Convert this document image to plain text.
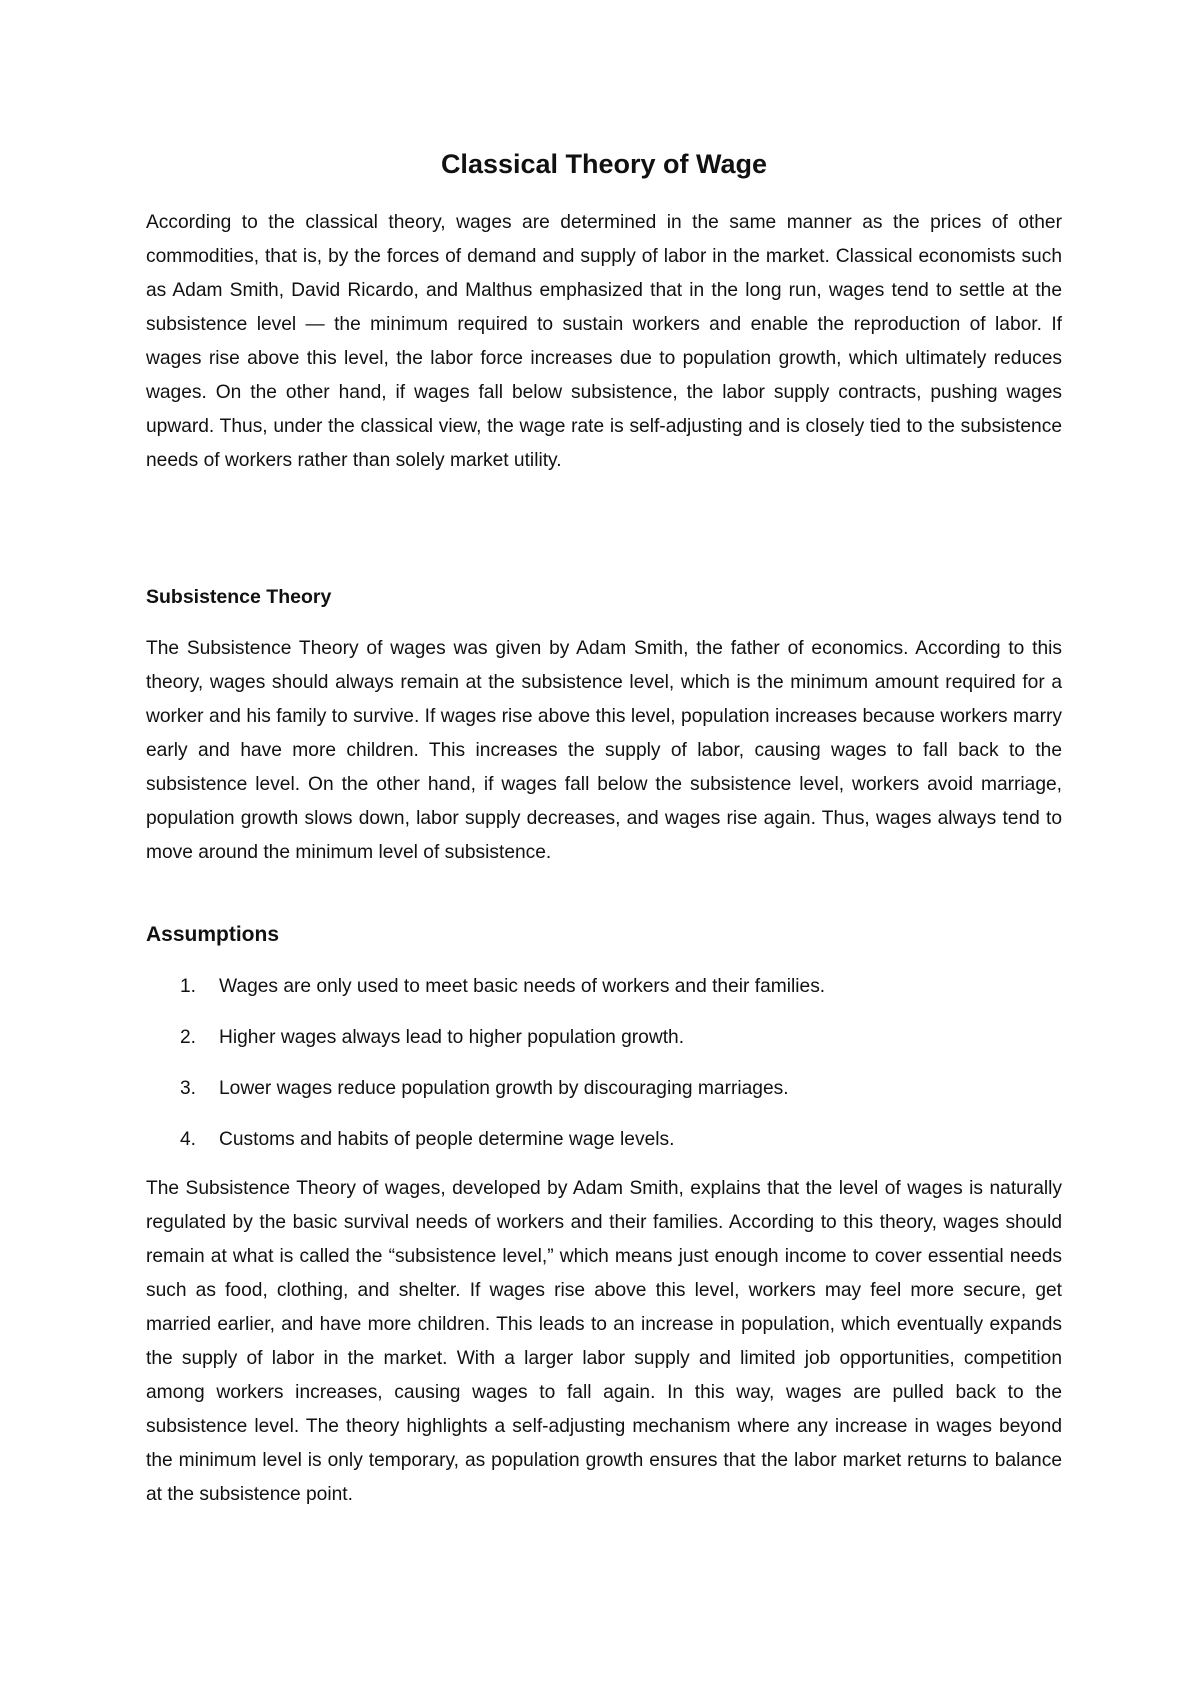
Classical Theory of Wage

According to the classical theory, wages are determined in the same manner as the prices of other commodities, that is, by the forces of demand and supply of labor in the market. Classical economists such as Adam Smith, David Ricardo, and Malthus emphasized that in the long run, wages tend to settle at the subsistence level — the minimum required to sustain workers and enable the reproduction of labor. If wages rise above this level, the labor force increases due to population growth, which ultimately reduces wages. On the other hand, if wages fall below subsistence, the labor supply contracts, pushing wages upward. Thus, under the classical view, the wage rate is self-adjusting and is closely tied to the subsistence needs of workers rather than solely market utility.

Subsistence Theory

The Subsistence Theory of wages was given by Adam Smith, the father of economics. According to this theory, wages should always remain at the subsistence level, which is the minimum amount required for a worker and his family to survive. If wages rise above this level, population increases because workers marry early and have more children. This increases the supply of labor, causing wages to fall back to the subsistence level. On the other hand, if wages fall below the subsistence level, workers avoid marriage, population growth slows down, labor supply decreases, and wages rise again. Thus, wages always tend to move around the minimum level of subsistence.

Assumptions
1.	Wages are only used to meet basic needs of workers and their families.
2.	Higher wages always lead to higher population growth.
3.	Lower wages reduce population growth by discouraging marriages.
4.	Customs and habits of people determine wage levels.

The Subsistence Theory of wages, developed by Adam Smith, explains that the level of wages is naturally regulated by the basic survival needs of workers and their families. According to this theory, wages should remain at what is called the “subsistence level,” which means just enough income to cover essential needs such as food, clothing, and shelter. If wages rise above this level, workers may feel more secure, get married earlier, and have more children. This leads to an increase in population, which eventually expands the supply of labor in the market. With a larger labor supply and limited job opportunities, competition among workers increases, causing wages to fall again. In this way, wages are pulled back to the subsistence level. The theory highlights a self-adjusting mechanism where any increase in wages beyond the minimum level is only temporary, as population growth ensures that the labor market returns to balance at the subsistence point.
